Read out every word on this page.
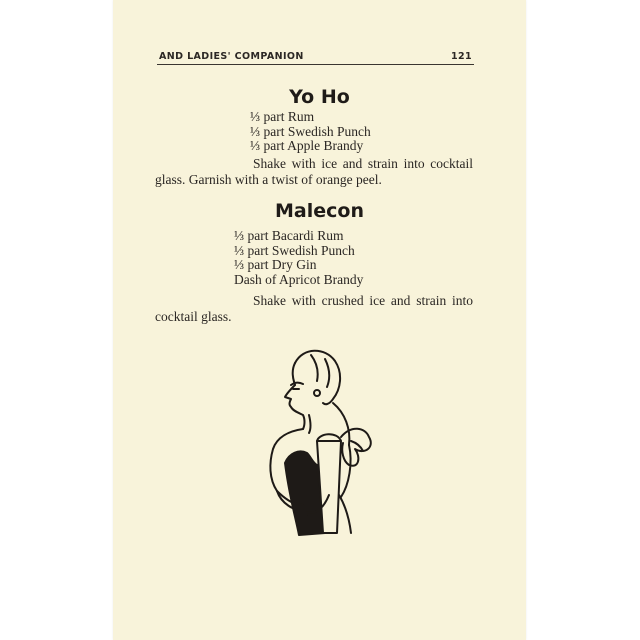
AND LADIES' COMPANION	121
Yo Ho
⅓ part Rum
⅓ part Swedish Punch
⅓ part Apple Brandy
Shake with ice and strain into cocktail glass. Garnish with a twist of orange peel.
Malecon
⅓ part Bacardi Rum
⅓ part Swedish Punch
⅓ part Dry Gin
Dash of Apricot Brandy
Shake with crushed ice and strain into cocktail glass.
